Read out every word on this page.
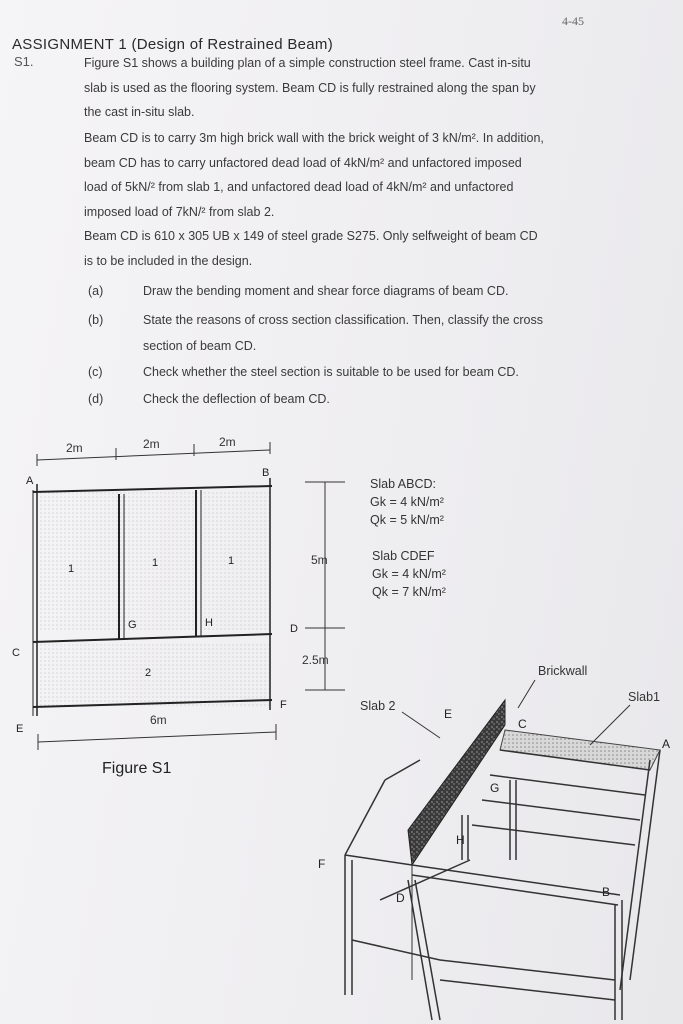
4-45
ASSIGNMENT 1 (Design of Restrained Beam)
S1.	Figure S1 shows a building plan of a simple construction steel frame. Cast in-situ
slab is used as the flooring system. Beam CD is fully restrained along the span by
the cast in-situ slab.
Beam CD is to carry 3m high brick wall with the brick weight of 3 kN/m². In addition,
beam CD has to carry unfactored dead load of 4kN/m² and unfactored imposed
load of 5kN/² from slab 1, and unfactored dead load of 4kN/m² and unfactored
imposed load of 7kN/² from slab 2.
Beam CD is 610 x 305 UB x 149 of steel grade S275. Only selfweight of beam CD
is to be included in the design.
(a)	Draw the bending moment and shear force diagrams of beam CD.
(b)	State the reasons of cross section classification. Then, classify the cross
section of beam CD.
(c)	Check whether the steel section is suitable to be used for beam CD.
(d)	Check the deflection of beam CD.
2m	2m	2m
A
B
C
D
E
F
G	H
1	1	1
2
5m
2.5m
6m
Slab ABCD:
Gk = 4 kN/m²
Qk = 5 kN/m²
Slab CDEF
Gk = 4 kN/m²
Qk = 7 kN/m²
Figure S1
Brickwall
Slab1
Slab 2
A
B
C
D
E
F
G
H
